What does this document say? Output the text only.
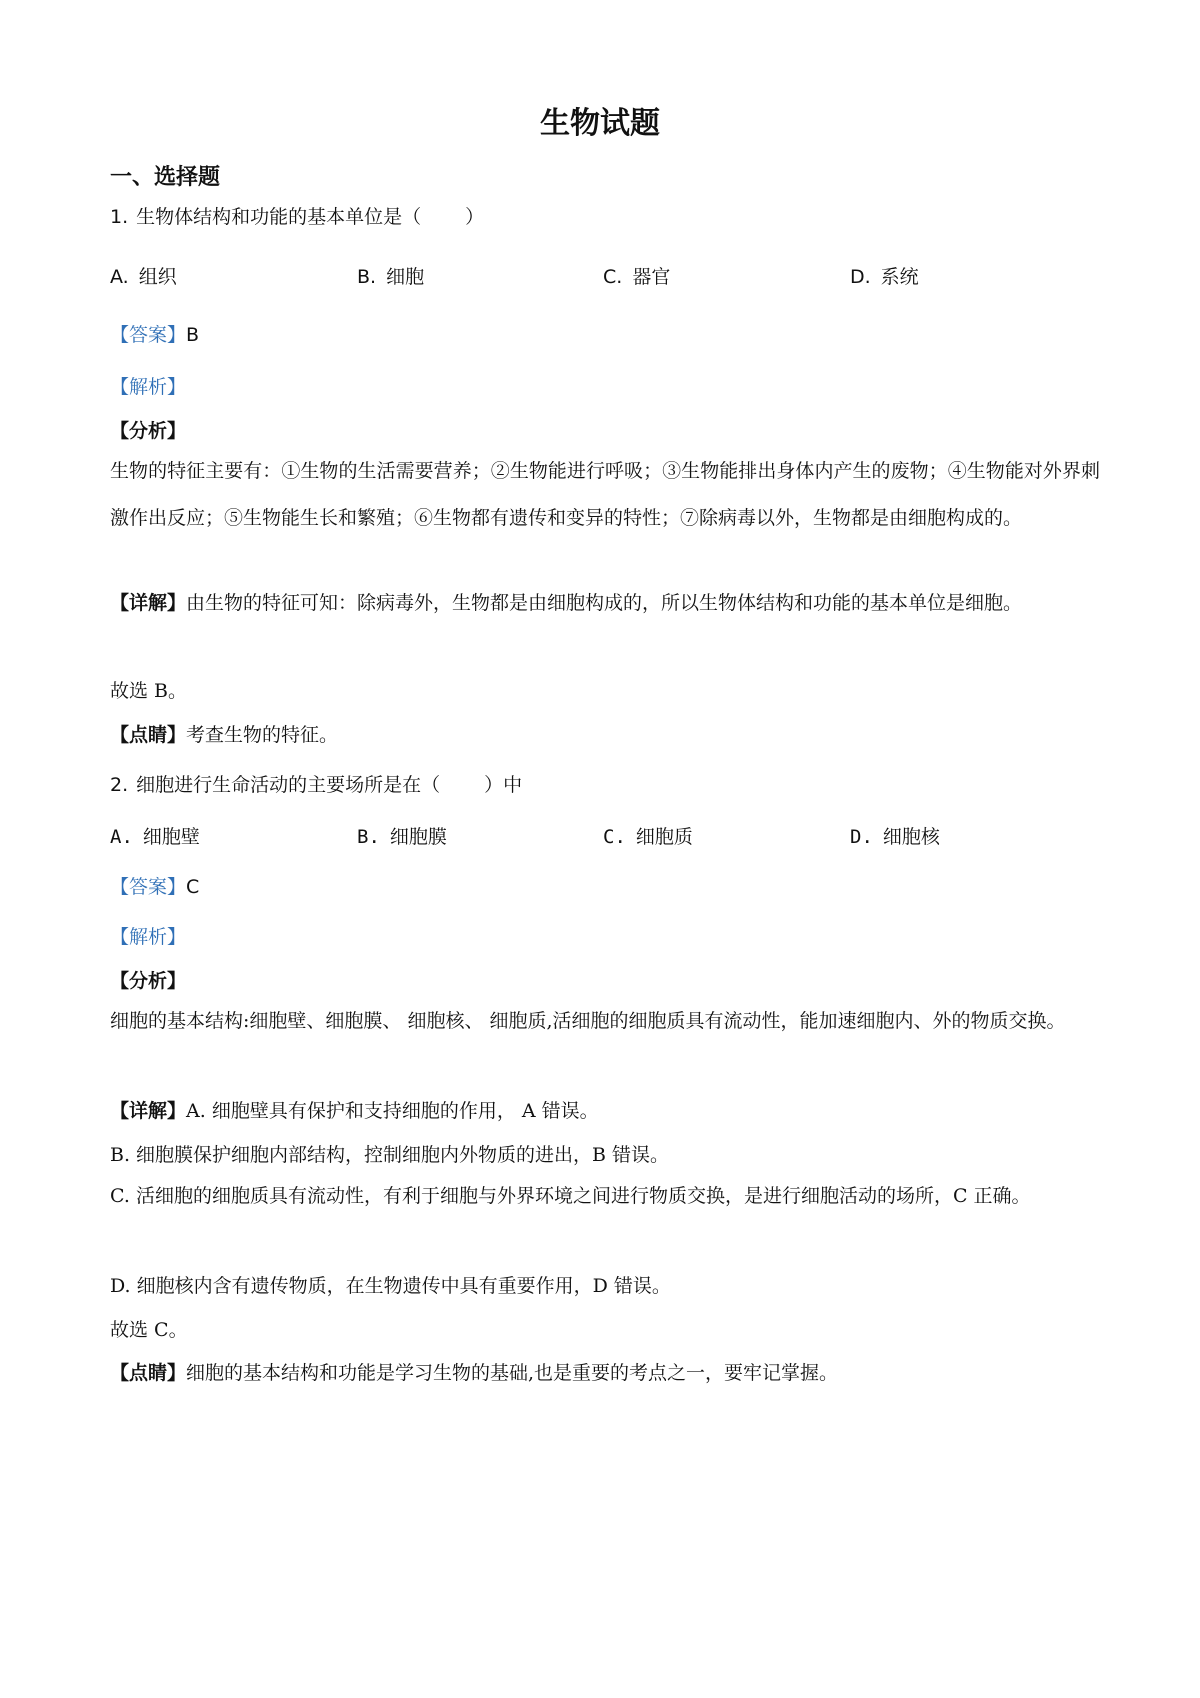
生物试题
一、选择题

1. 生物体结构和功能的基本单位是（ ）

A. 组织	B. 细胞	C. 器官	D. 系统

【答案】B

【解析】

【分析】

生物的特征主要有：①生物的生活需要营养；②生物能进行呼吸；③生物能排出身体内产生的废物；④生物能对外界刺激作出反应；⑤生物能生长和繁殖；⑥生物都有遗传和变异的特性；⑦除病毒以外，生物都是由细胞构成的。

【详解】由生物的特征可知：除病毒外，生物都是由细胞构成的，所以生物体结构和功能的基本单位是细胞。

故选 B。

【点睛】考查生物的特征。

2. 细胞进行生命活动的主要场所是在（ ）中

A. 细胞壁	B. 细胞膜	C. 细胞质	D. 细胞核

【答案】C

【解析】

【分析】

细胞的基本结构:细胞壁、细胞膜、 细胞核、 细胞质,活细胞的细胞质具有流动性，能加速细胞内、外的物质交换。

【详解】A. 细胞壁具有保护和支持细胞的作用， A 错误。

B. 细胞膜保护细胞内部结构，控制细胞内外物质的进出，B 错误。

C. 活细胞的细胞质具有流动性，有利于细胞与外界环境之间进行物质交换，是进行细胞活动的场所，C 正确。

D. 细胞核内含有遗传物质，在生物遗传中具有重要作用，D 错误。

故选 C。

【点睛】细胞的基本结构和功能是学习生物的基础,也是重要的考点之一，要牢记掌握。
